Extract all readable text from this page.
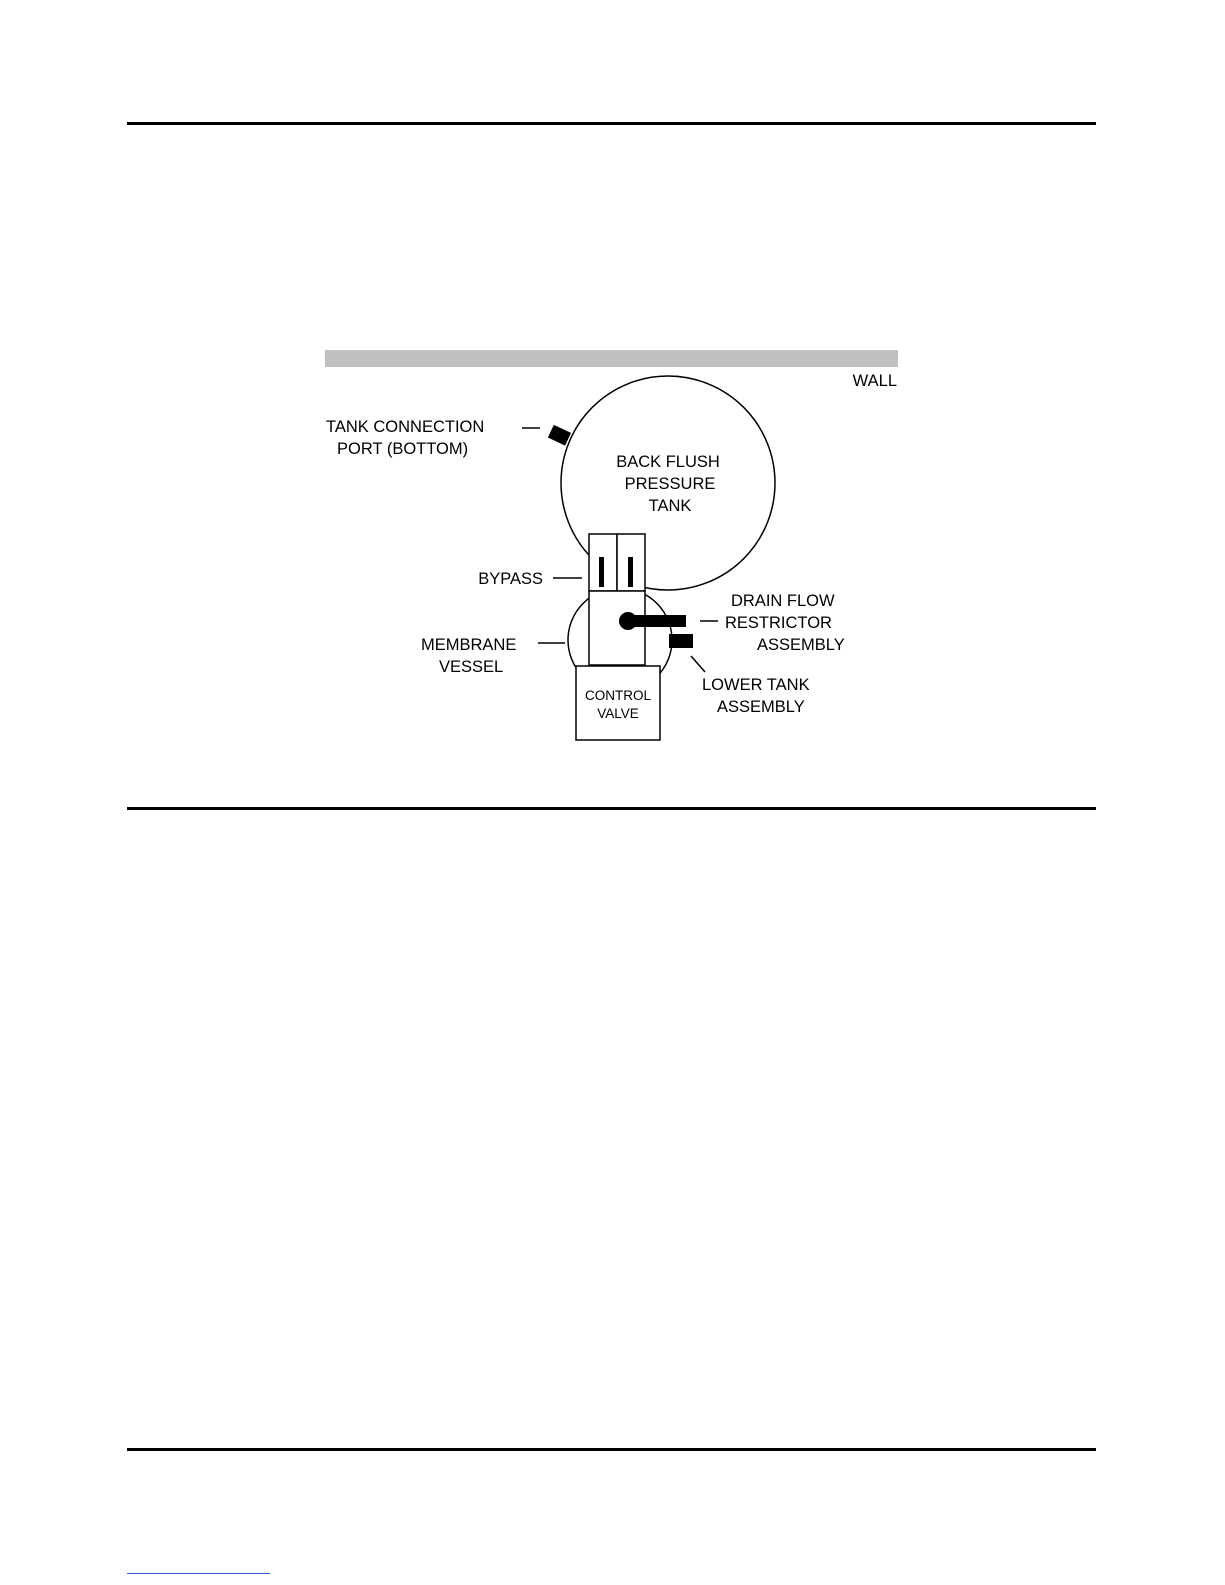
WALL
BACK FLUSH
PRESSURE
TANK
TANK CONNECTION
PORT (BOTTOM)
BYPASS
DRAIN FLOW
RESTRICTOR
ASSEMBLY
LOWER TANK
ASSEMBLY
MEMBRANE
VESSEL
CONTROL
VALVE
